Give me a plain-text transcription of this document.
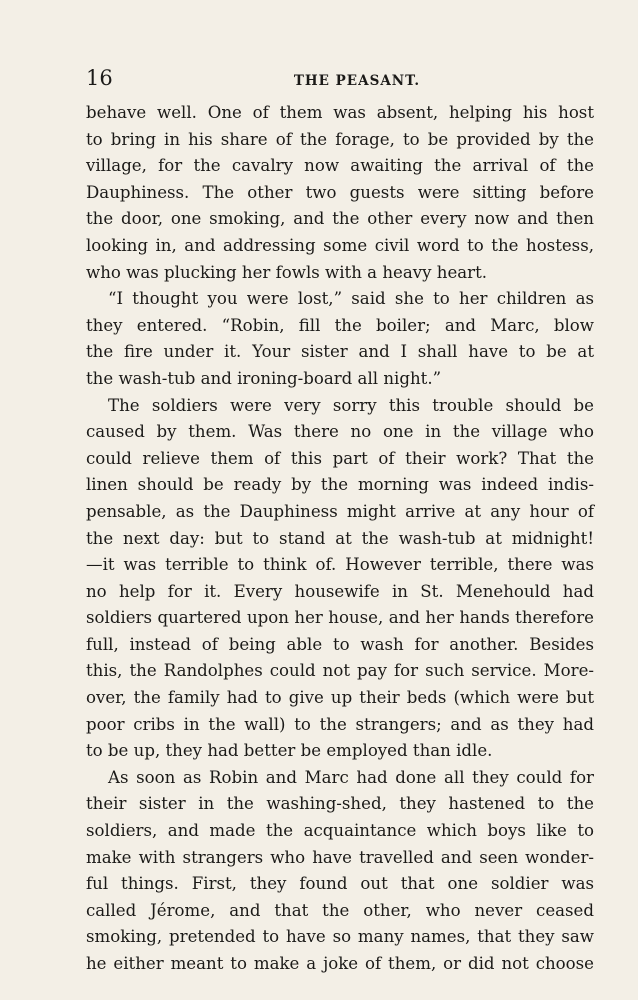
16	THE PEASANT.
behave well. One of them was absent, helping his host
to bring in his share of the forage, to be provided by the
village, for the cavalry now awaiting the arrival of the
Dauphiness. The other two guests were sitting before
the door, one smoking, and the other every now and then
looking in, and addressing some civil word to the hostess,
who was plucking her fowls with a heavy heart.
“I thought you were lost,” said she to her children as
they entered. “Robin, fill the boiler; and Marc, blow
the fire under it. Your sister and I shall have to be at
the wash-tub and ironing-board all night.”
The soldiers were very sorry this trouble should be
caused by them. Was there no one in the village who
could relieve them of this part of their work? That the
linen should be ready by the morning was indeed indis-
pensable, as the Dauphiness might arrive at any hour of
the next day: but to stand at the wash-tub at midnight!
—it was terrible to think of. However terrible, there was
no help for it. Every housewife in St. Menehould had
soldiers quartered upon her house, and her hands therefore
full, instead of being able to wash for another. Besides
this, the Randolphes could not pay for such service. More-
over, the family had to give up their beds (which were but
poor cribs in the wall) to the strangers; and as they had
to be up, they had better be employed than idle.
As soon as Robin and Marc had done all they could for
their sister in the washing-shed, they hastened to the
soldiers, and made the acquaintance which boys like to
make with strangers who have travelled and seen wonder-
ful things. First, they found out that one soldier was
called Jérome, and that the other, who never ceased
smoking, pretended to have so many names, that they saw
he either meant to make a joke of them, or did not choose
